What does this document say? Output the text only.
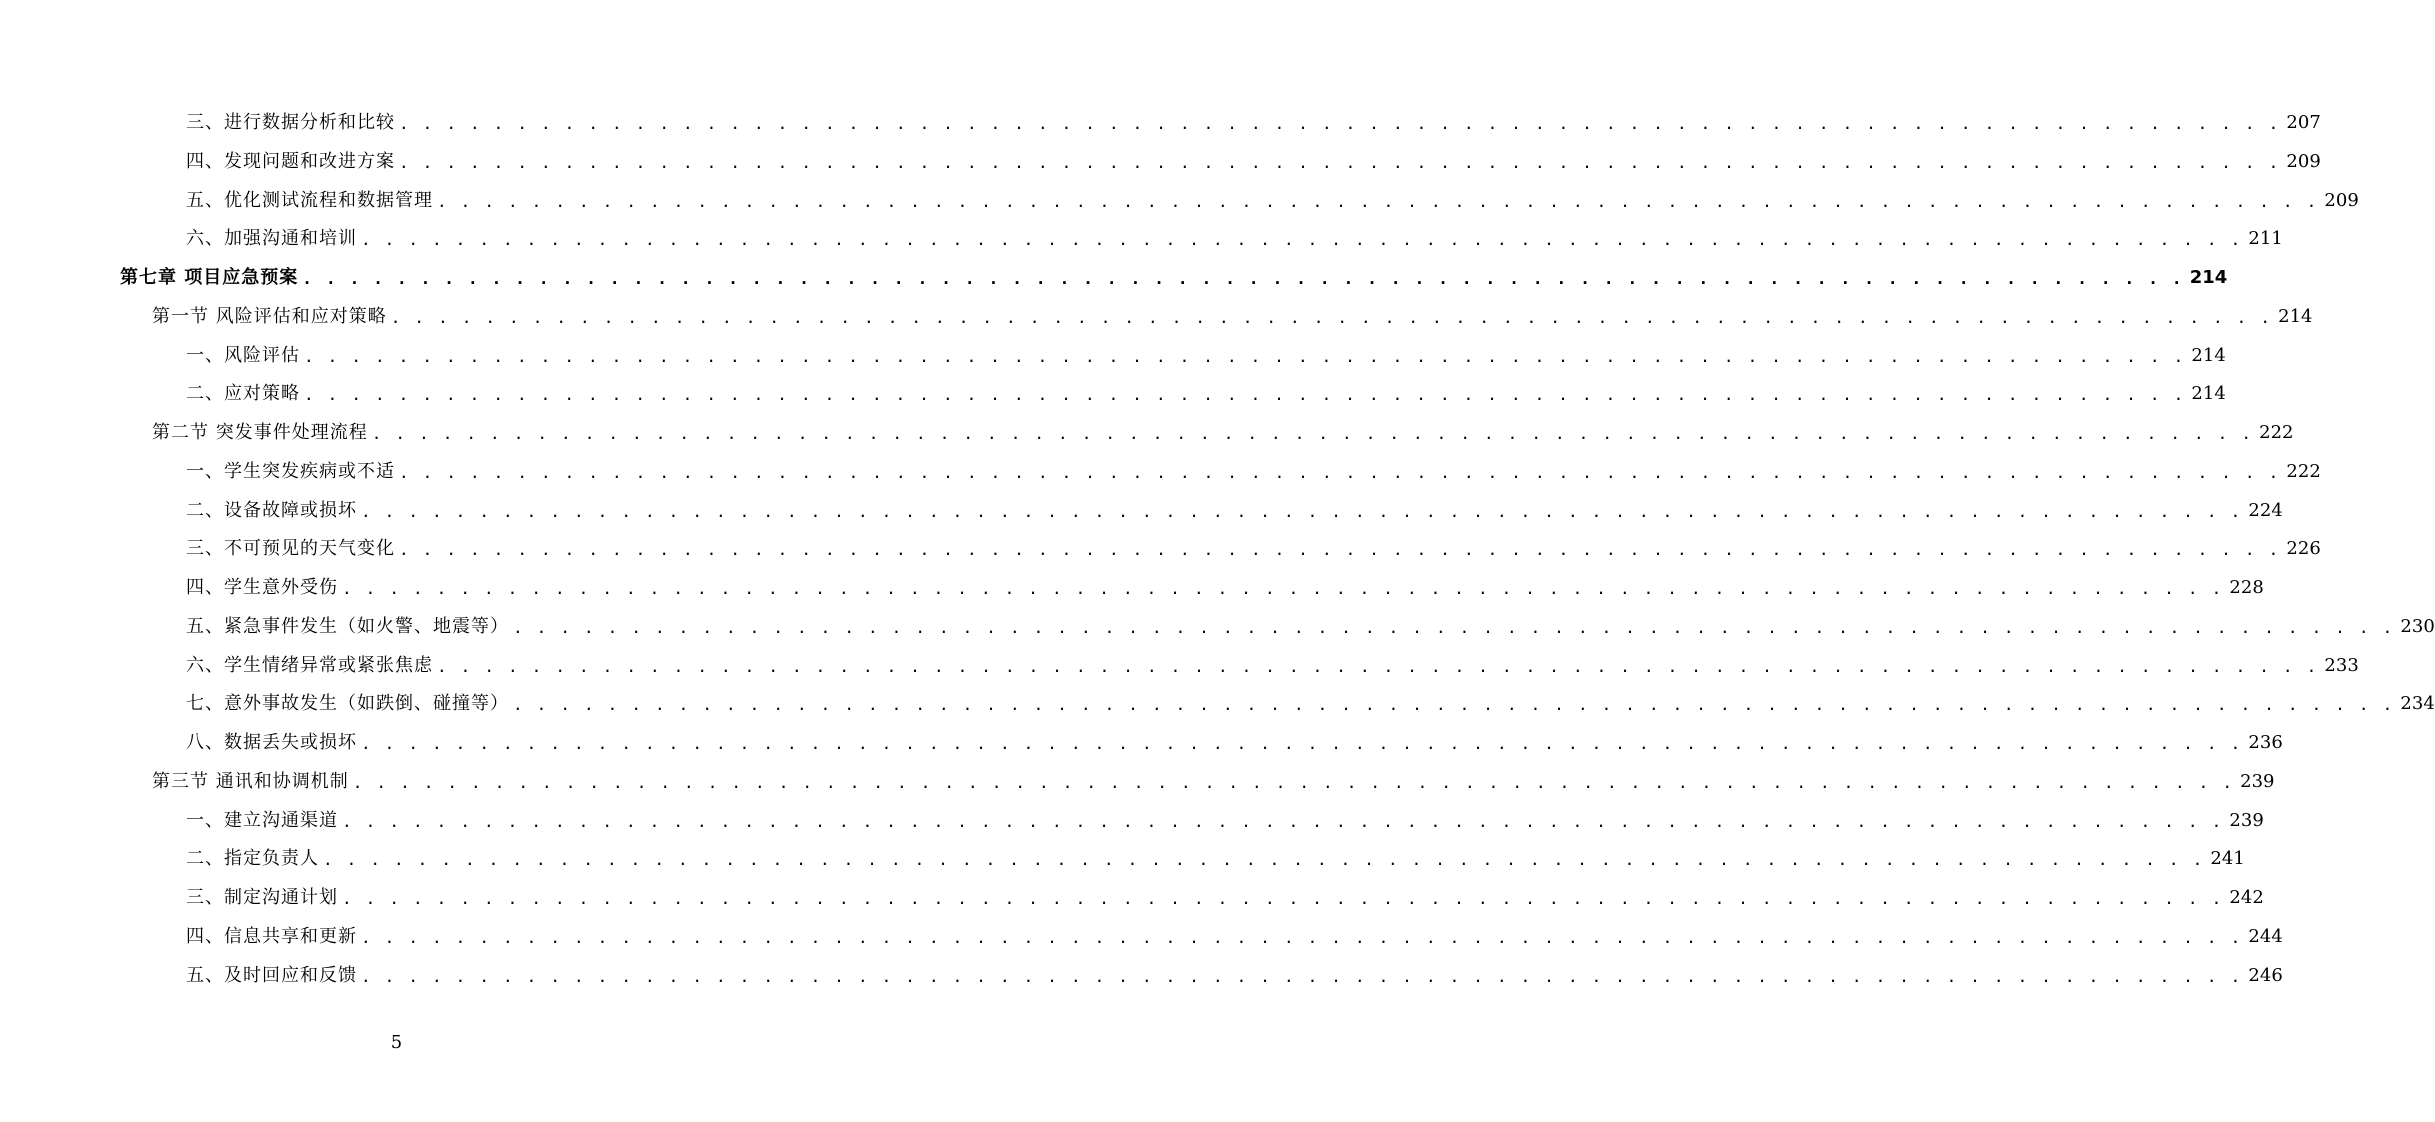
三、进行数据分析和比较 . . . . . . . . . . . . . . . . . . . . . . . . . . . . . . . . . . . . . . . . . . . . . . . . . . . . . . . . . . . . . . . . . . . . . . . . . . . . . . . . 207
四、发现问题和改进方案 . . . . . . . . . . . . . . . . . . . . . . . . . . . . . . . . . . . . . . . . . . . . . . . . . . . . . . . . . . . . . . . . . . . . . . . . . . . . . . . . 209
五、优化测试流程和数据管理 . . . . . . . . . . . . . . . . . . . . . . . . . . . . . . . . . . . . . . . . . . . . . . . . . . . . . . . . . . . . . . . . . . . . . . . . . . . . . . . . 209
六、加强沟通和培训 . . . . . . . . . . . . . . . . . . . . . . . . . . . . . . . . . . . . . . . . . . . . . . . . . . . . . . . . . . . . . . . . . . . . . . . . . . . . . . . . 211
第七章 项目应急预案 . . . . . . . . . . . . . . . . . . . . . . . . . . . . . . . . . . . . . . . . . . . . . . . . . . . . . . . . . . . . . . . . . . . . . . . . . . . . . . . . 214
第一节 风险评估和应对策略 . . . . . . . . . . . . . . . . . . . . . . . . . . . . . . . . . . . . . . . . . . . . . . . . . . . . . . . . . . . . . . . . . . . . . . . . . . . . . . . . 214
一、风险评估 . . . . . . . . . . . . . . . . . . . . . . . . . . . . . . . . . . . . . . . . . . . . . . . . . . . . . . . . . . . . . . . . . . . . . . . . . . . . . . . . 214
二、应对策略 . . . . . . . . . . . . . . . . . . . . . . . . . . . . . . . . . . . . . . . . . . . . . . . . . . . . . . . . . . . . . . . . . . . . . . . . . . . . . . . . 214
第二节 突发事件处理流程 . . . . . . . . . . . . . . . . . . . . . . . . . . . . . . . . . . . . . . . . . . . . . . . . . . . . . . . . . . . . . . . . . . . . . . . . . . . . . . . . 222
一、学生突发疾病或不适 . . . . . . . . . . . . . . . . . . . . . . . . . . . . . . . . . . . . . . . . . . . . . . . . . . . . . . . . . . . . . . . . . . . . . . . . . . . . . . . . 222
二、设备故障或损坏 . . . . . . . . . . . . . . . . . . . . . . . . . . . . . . . . . . . . . . . . . . . . . . . . . . . . . . . . . . . . . . . . . . . . . . . . . . . . . . . . 224
三、不可预见的天气变化 . . . . . . . . . . . . . . . . . . . . . . . . . . . . . . . . . . . . . . . . . . . . . . . . . . . . . . . . . . . . . . . . . . . . . . . . . . . . . . . . 226
四、学生意外受伤 . . . . . . . . . . . . . . . . . . . . . . . . . . . . . . . . . . . . . . . . . . . . . . . . . . . . . . . . . . . . . . . . . . . . . . . . . . . . . . . . 228
五、紧急事件发生（如火警、地震等） . . . . . . . . . . . . . . . . . . . . . . . . . . . . . . . . . . . . . . . . . . . . . . . . . . . . . . . . . . . . . . . . . . . . . . . . . . . . . . . . 230
六、学生情绪异常或紧张焦虑 . . . . . . . . . . . . . . . . . . . . . . . . . . . . . . . . . . . . . . . . . . . . . . . . . . . . . . . . . . . . . . . . . . . . . . . . . . . . . . . . 233
七、意外事故发生（如跌倒、碰撞等） . . . . . . . . . . . . . . . . . . . . . . . . . . . . . . . . . . . . . . . . . . . . . . . . . . . . . . . . . . . . . . . . . . . . . . . . . . . . . . . . 234
八、数据丢失或损坏 . . . . . . . . . . . . . . . . . . . . . . . . . . . . . . . . . . . . . . . . . . . . . . . . . . . . . . . . . . . . . . . . . . . . . . . . . . . . . . . . 236
第三节 通讯和协调机制 . . . . . . . . . . . . . . . . . . . . . . . . . . . . . . . . . . . . . . . . . . . . . . . . . . . . . . . . . . . . . . . . . . . . . . . . . . . . . . . . 239
一、建立沟通渠道 . . . . . . . . . . . . . . . . . . . . . . . . . . . . . . . . . . . . . . . . . . . . . . . . . . . . . . . . . . . . . . . . . . . . . . . . . . . . . . . . 239
二、指定负责人 . . . . . . . . . . . . . . . . . . . . . . . . . . . . . . . . . . . . . . . . . . . . . . . . . . . . . . . . . . . . . . . . . . . . . . . . . . . . . . . . 241
三、制定沟通计划 . . . . . . . . . . . . . . . . . . . . . . . . . . . . . . . . . . . . . . . . . . . . . . . . . . . . . . . . . . . . . . . . . . . . . . . . . . . . . . . . 242
四、信息共享和更新 . . . . . . . . . . . . . . . . . . . . . . . . . . . . . . . . . . . . . . . . . . . . . . . . . . . . . . . . . . . . . . . . . . . . . . . . . . . . . . . . 244
五、及时回应和反馈 . . . . . . . . . . . . . . . . . . . . . . . . . . . . . . . . . . . . . . . . . . . . . . . . . . . . . . . . . . . . . . . . . . . . . . . . . . . . . . . . 246
5
